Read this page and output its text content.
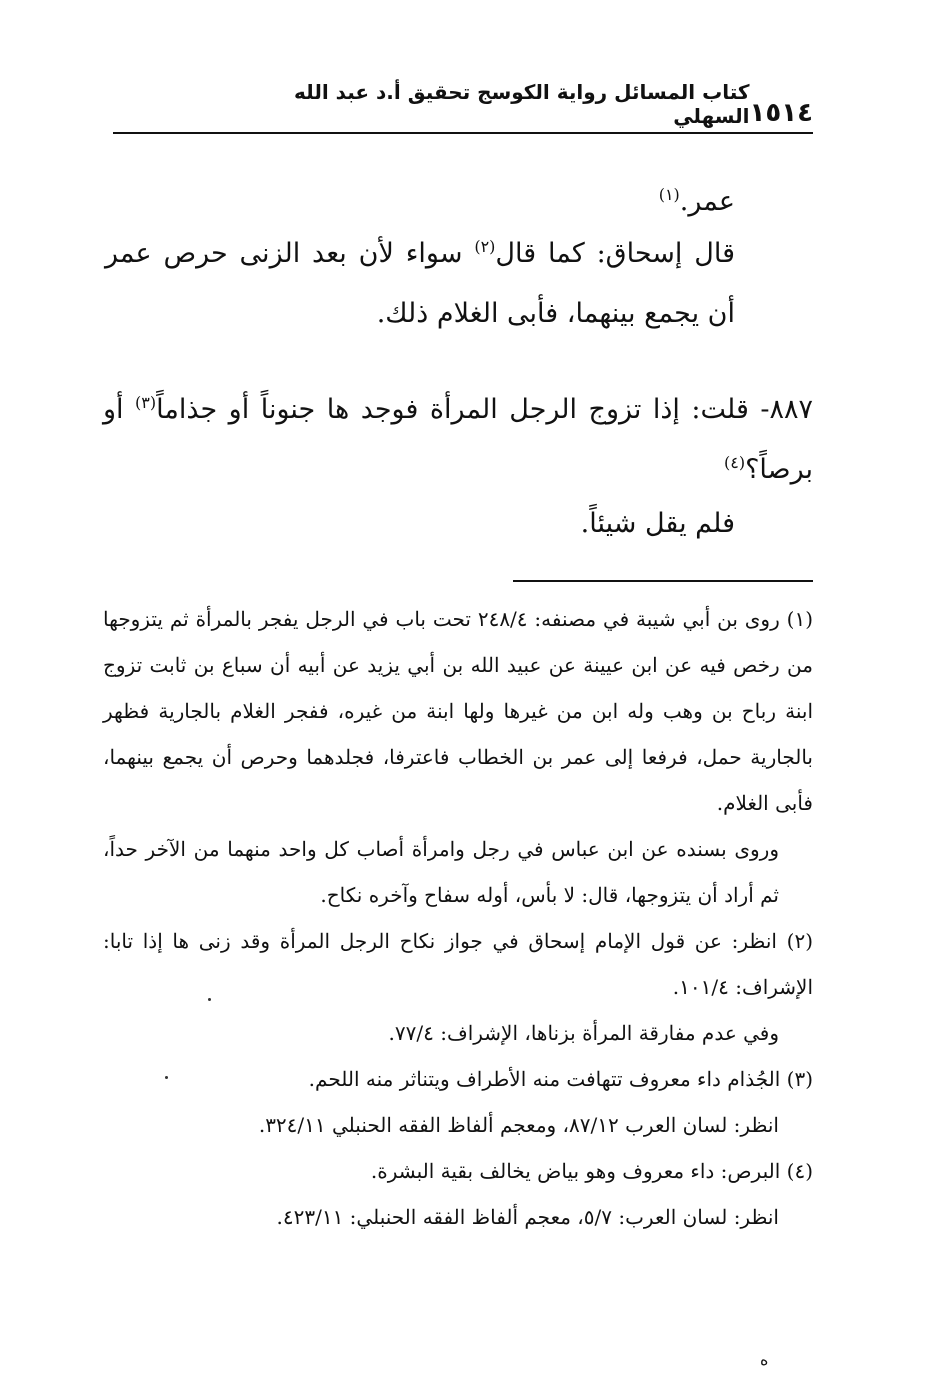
١٥١٤
كتاب المسائل رواية الكوسج تحقيق أ.د عبد الله السهلي
عمر.$^{(١)}$
قال إسحاق: كما قال$^{(٢)}$ سواء لأن بعد الزنى حرص عمر أن يجمع بينهما، فأبى الغلام ذلك.
٨٨٧- قلت: إذا تزوج الرجل المرأة فوجد ها جنوناً أو جذاماً$^{(٣)}$ أو برصاً؟$^{(٤)}$
فلم يقل شيئاً.

(١) روى بن أبي شيبة في مصنفه: ٢٤٨/٤ تحت باب في الرجل يفجر بالمرأة ثم يتزوجها من رخص فيه عن ابن عيينة عن عبيد الله بن أبي يزيد عن أبيه أن سباع بن ثابت تزوج ابنة رباح بن وهب وله ابن من غيرها ولها ابنة من غيره، ففجر الغلام بالجارية فظهر بالجارية حمل، فرفعا إلى عمر بن الخطاب فاعترفا، فجلدهما وحرص أن يجمع بينهما، فأبى الغلام.

وروى بسنده عن ابن عباس في رجل وامرأة أصاب كل واحد منهما من الآخر حداً، ثم أراد أن يتزوجها، قال: لا بأس، أوله سفاح وآخره نكاح.

(٢) انظر: عن قول الإمام إسحاق في جواز نكاح الرجل المرأة وقد زنى ها إذا تابا: الإشراف: ١٠١/٤.

وفي عدم مفارقة المرأة بزناها، الإشراف: ٧٧/٤.

(٣) الجُذام داء معروف تتهافت منه الأطراف ويتناثر منه اللحم.

انظر: لسان العرب ٨٧/١٢، ومعجم ألفاظ الفقه الحنبلي ٣٢٤/١١.

(٤) البرص: داء معروف وهو بياض يخالف بقية البشرة.

انظر: لسان العرب: ٥/٧، معجم ألفاظ الفقه الحنبلي: ٤٢٣/١١.

ه
